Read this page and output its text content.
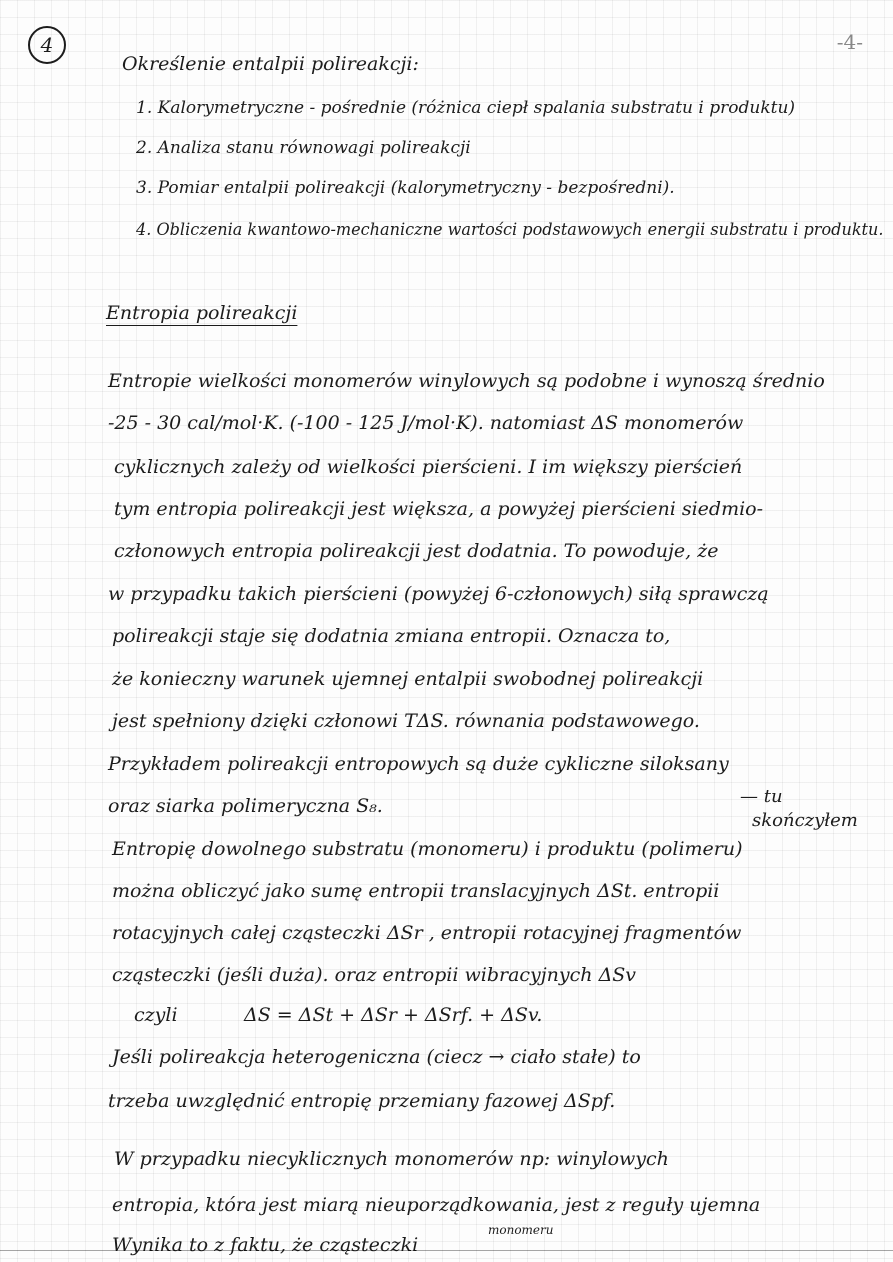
4	-4-
Określenie entalpii polireakcji:
1. Kalorymetryczne - pośrednie (różnica ciepł spalania substratu i produktu)
2. Analiza stanu równowagi polireakcji
3. Pomiar entalpii polireakcji (kalorymetryczny - bezpośredni).
4. Obliczenia kwantowo-mechaniczne wartości podstawowych energii substratu i produktu.
Entropia polireakcji
Entropie wielkości monomerów winylowych są podobne i wynoszą średnio
-25 - 30 cal/mol·K. (-100 - 125 J/mol·K). natomiast ΔS monomerów
cyklicznych zależy od wielkości pierścieni. I im większy pierścień
tym entropia polireakcji jest większa, a powyżej pierścieni siedmio-
członowych entropia polireakcji jest dodatnia. To powoduje, że
w przypadku takich pierścieni (powyżej 6-członowych) siłą sprawczą
polireakcji staje się dodatnia zmiana entropii. Oznacza to,
że konieczny warunek ujemnej entalpii swobodnej polireakcji
jest spełniony dzięki członowi TΔS. równania podstawowego.
Przykładem polireakcji entropowych są duże cykliczne siloksany
oraz siarka polimeryczna S₈.	— tu
skończyłem
Entropię dowolnego substratu (monomeru) i produktu (polimeru)
można obliczyć jako sumę entropii translacyjnych ΔSt. entropii
rotacyjnych całej cząsteczki ΔSr , entropii rotacyjnej fragmentów
cząsteczki (jeśli duża). oraz entropii wibracyjnych ΔSv
czyli	ΔS = ΔSt + ΔSr + ΔSrf. + ΔSv.
Jeśli polireakcja heterogeniczna (ciecz → ciało stałe) to
trzeba uwzględnić entropię przemiany fazowej ΔSpf.
W przypadku niecyklicznych monomerów np: winylowych
entropia, która jest miarą nieuporządkowania, jest z reguły ujemna
monomeru
Wynika to z faktu, że cząsteczki
